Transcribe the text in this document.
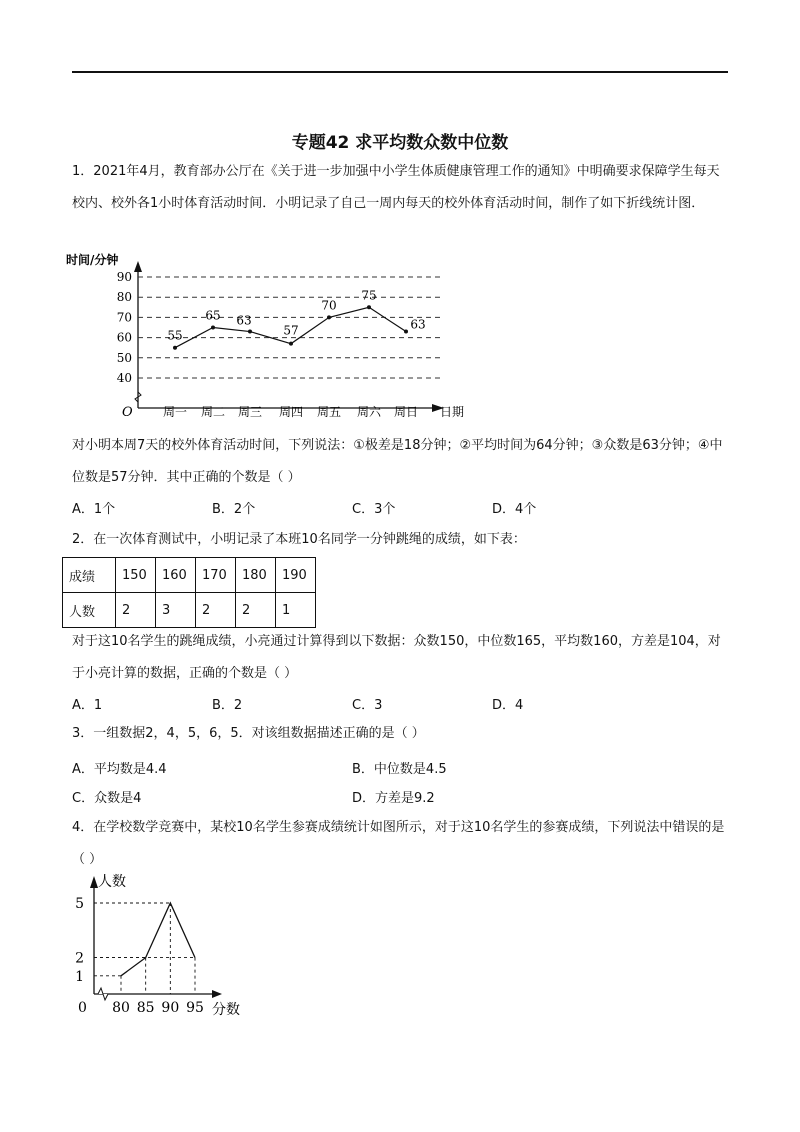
专题42 求平均数众数中位数
1．2021年4月，教育部办公厅在《关于进一步加强中小学生体质健康管理工作的通知》中明确要求保障学生每天校内、校外各1小时体育活动时间．小明记录了自己一周内每天的校外体育活动时间，制作了如下折线统计图．
40
50
60
70
80
90
时间/分钟
O	日期
周一 周二 周三 周四 周五 周六 周日
55
65 63
57
70
75
63
对小明本周7天的校外体育活动时间，下列说法：①极差是18分钟；②平均时间为64分钟；③众数是63分钟；④中位数是57分钟．其中正确的个数是（ ）
A．1个	B．2个	C．3个	D．4个
2．在一次体育测试中，小明记录了本班10名同学一分钟跳绳的成绩，如下表：
成绩	150	160	170	180	190
人数	2	3	2	2	1
对于这10名学生的跳绳成绩，小亮通过计算得到以下数据：众数150，中位数165，平均数160，方差是104，对于小亮计算的数据，正确的个数是（ ）
A．1	B．2	C．3	D．4
3．一组数据2，4，5，6，5．对该组数据描述正确的是（ ）
A．平均数是4.4	B．中位数是4.5
C．众数是4	D．方差是9.2
4．在学校数学竞赛中，某校10名学生参赛成绩统计如图所示，对于这10名学生的参赛成绩，下列说法中错误的是（ ）
人数
分数
0
1
2
5
80 85 90 95
